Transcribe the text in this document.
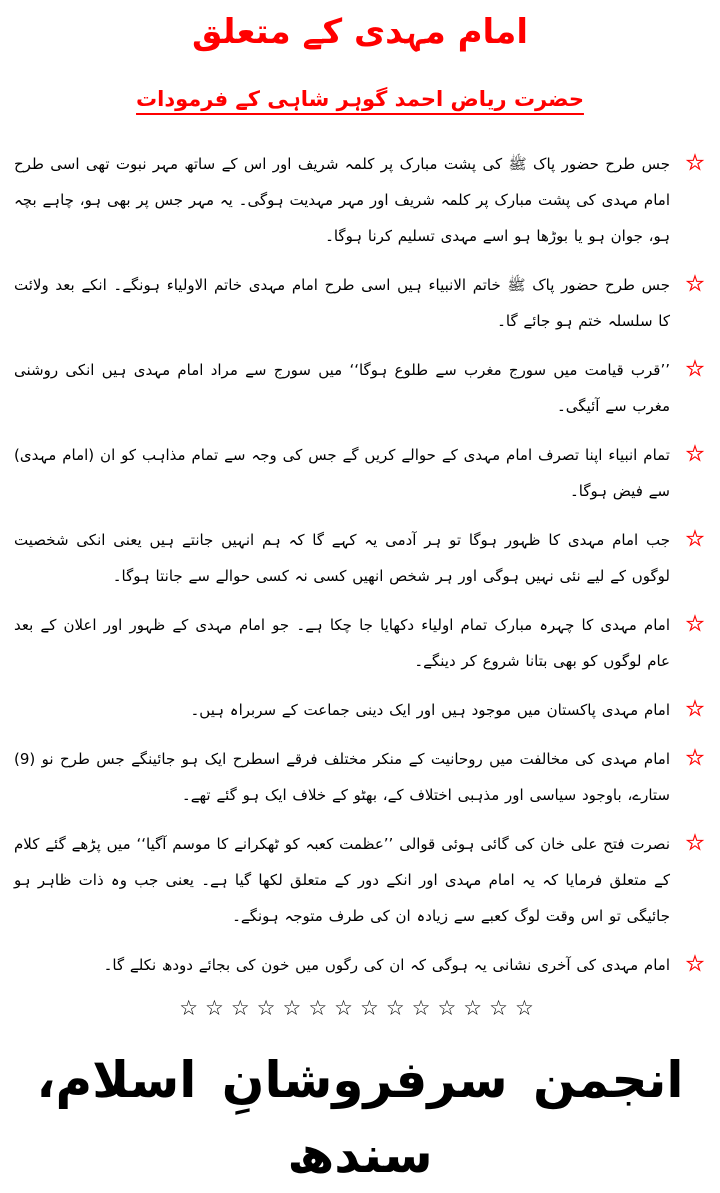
امام مہدی کے متعلق

حضرت ریاض احمد گوہر شاہی کے فرمودات
☆
جس طرح حضور پاک ﷺ کی پشت مبارک پر کلمہ شریف اور اس کے ساتھ مہر نبوت تھی اسی طرح امام مہدی کی پشت مبارک پر کلمہ شریف اور مہر مہدیت ہوگی۔ یہ مہر جس پر بھی ہو، چاہے بچہ ہو، جوان ہو یا بوڑھا ہو اسے مہدی تسلیم کرنا ہوگا۔
☆
جس طرح حضور پاک ﷺ خاتم الانبیاء ہیں اسی طرح امام مہدی خاتم الاولیاء ہونگے۔ انکے بعد ولائت کا سلسلہ ختم ہو جائے گا۔
☆
’’قرب قیامت میں سورج مغرب سے طلوع ہوگا‘‘ میں سورج سے مراد امام مہدی ہیں انکی روشنی مغرب سے آئیگی۔
☆
تمام انبیاء اپنا تصرف امام مہدی کے حوالے کریں گے جس کی وجہ سے تمام مذاہب کو ان (امام مہدی) سے فیض ہوگا۔
☆
جب امام مہدی کا ظہور ہوگا تو ہر آدمی یہ کہے گا کہ ہم انہیں جانتے ہیں یعنی انکی شخصیت لوگوں کے لیے نئی نہیں ہوگی اور ہر شخص انھیں کسی نہ کسی حوالے سے جانتا ہوگا۔
☆
امام مہدی کا چہرہ مبارک تمام اولیاء دکھایا جا چکا ہے۔ جو امام مہدی کے ظہور اور اعلان کے بعد عام لوگوں کو بھی بتانا شروع کر دینگے۔
☆
امام مہدی پاکستان میں موجود ہیں اور ایک دینی جماعت کے سربراہ ہیں۔
☆
امام مہدی کی مخالفت میں روحانیت کے منکر مختلف فرقے اسطرح ایک ہو جائینگے جس طرح نو (9) ستارے، باوجود سیاسی اور مذہبی اختلاف کے، بھٹو کے خلاف ایک ہو گئے تھے۔
☆
نصرت فتح علی خان کی گائی ہوئی قوالی ’’عظمت کعبہ کو ٹھکرانے کا موسم آگیا‘‘ میں پڑھے گئے کلام کے متعلق فرمایا کہ یہ امام مہدی اور انکے دور کے متعلق لکھا گیا ہے۔ یعنی جب وہ ذات ظاہر ہو جائیگی تو اس وقت لوگ کعبے سے زیادہ ان کی طرف متوجہ ہونگے۔
☆
امام مہدی کی آخری نشانی یہ ہوگی کہ ان کی رگوں میں خون کی بجائے دودھ نکلے گا۔
☆☆☆☆☆☆☆☆☆☆☆☆☆☆
انجمن سرفروشانِ اسلام، سندھ
